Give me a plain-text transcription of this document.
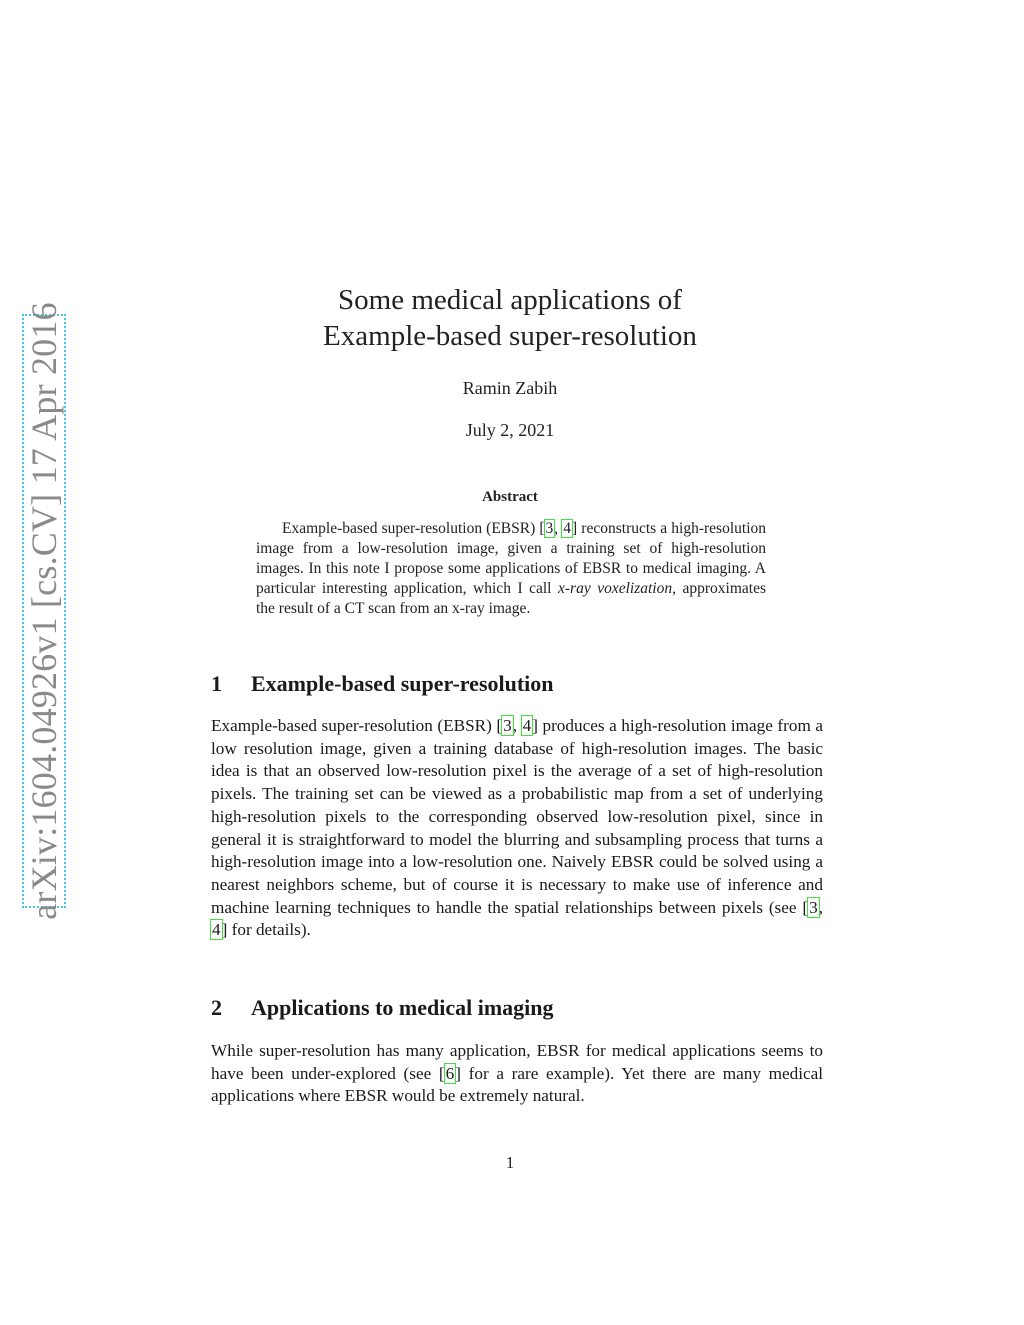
arXiv:1604.04926v1 [cs.CV] 17 Apr 2016
Some medical applications of
Example-based super-resolution
Ramin Zabih
July 2, 2021
Abstract
Example-based super-resolution (EBSR) [3, 4] reconstructs a high-resolution image from a low-resolution image, given a training set of high-resolution images. In this note I propose some applications of EBSR to medical imaging. A particular interesting application, which I call x-ray voxelization, approximates the result of a CT scan from an x-ray image.
1 Example-based super-resolution
Example-based super-resolution (EBSR) [3, 4] produces a high-resolution image from a low resolution image, given a training database of high-resolution images. The basic idea is that an observed low-resolution pixel is the average of a set of high-resolution pixels. The training set can be viewed as a probabilistic map from a set of underlying high-resolution pixels to the corresponding observed low-resolution pixel, since in general it is straightforward to model the blurring and subsampling process that turns a high-resolution image into a low-resolution one. Naively EBSR could be solved using a nearest neighbors scheme, but of course it is necessary to make use of inference and machine learning techniques to handle the spatial relationships between pixels (see [3, 4] for details).
2 Applications to medical imaging
While super-resolution has many application, EBSR for medical applications seems to have been under-explored (see [6] for a rare example). Yet there are many medical applications where EBSR would be extremely natural.
1
